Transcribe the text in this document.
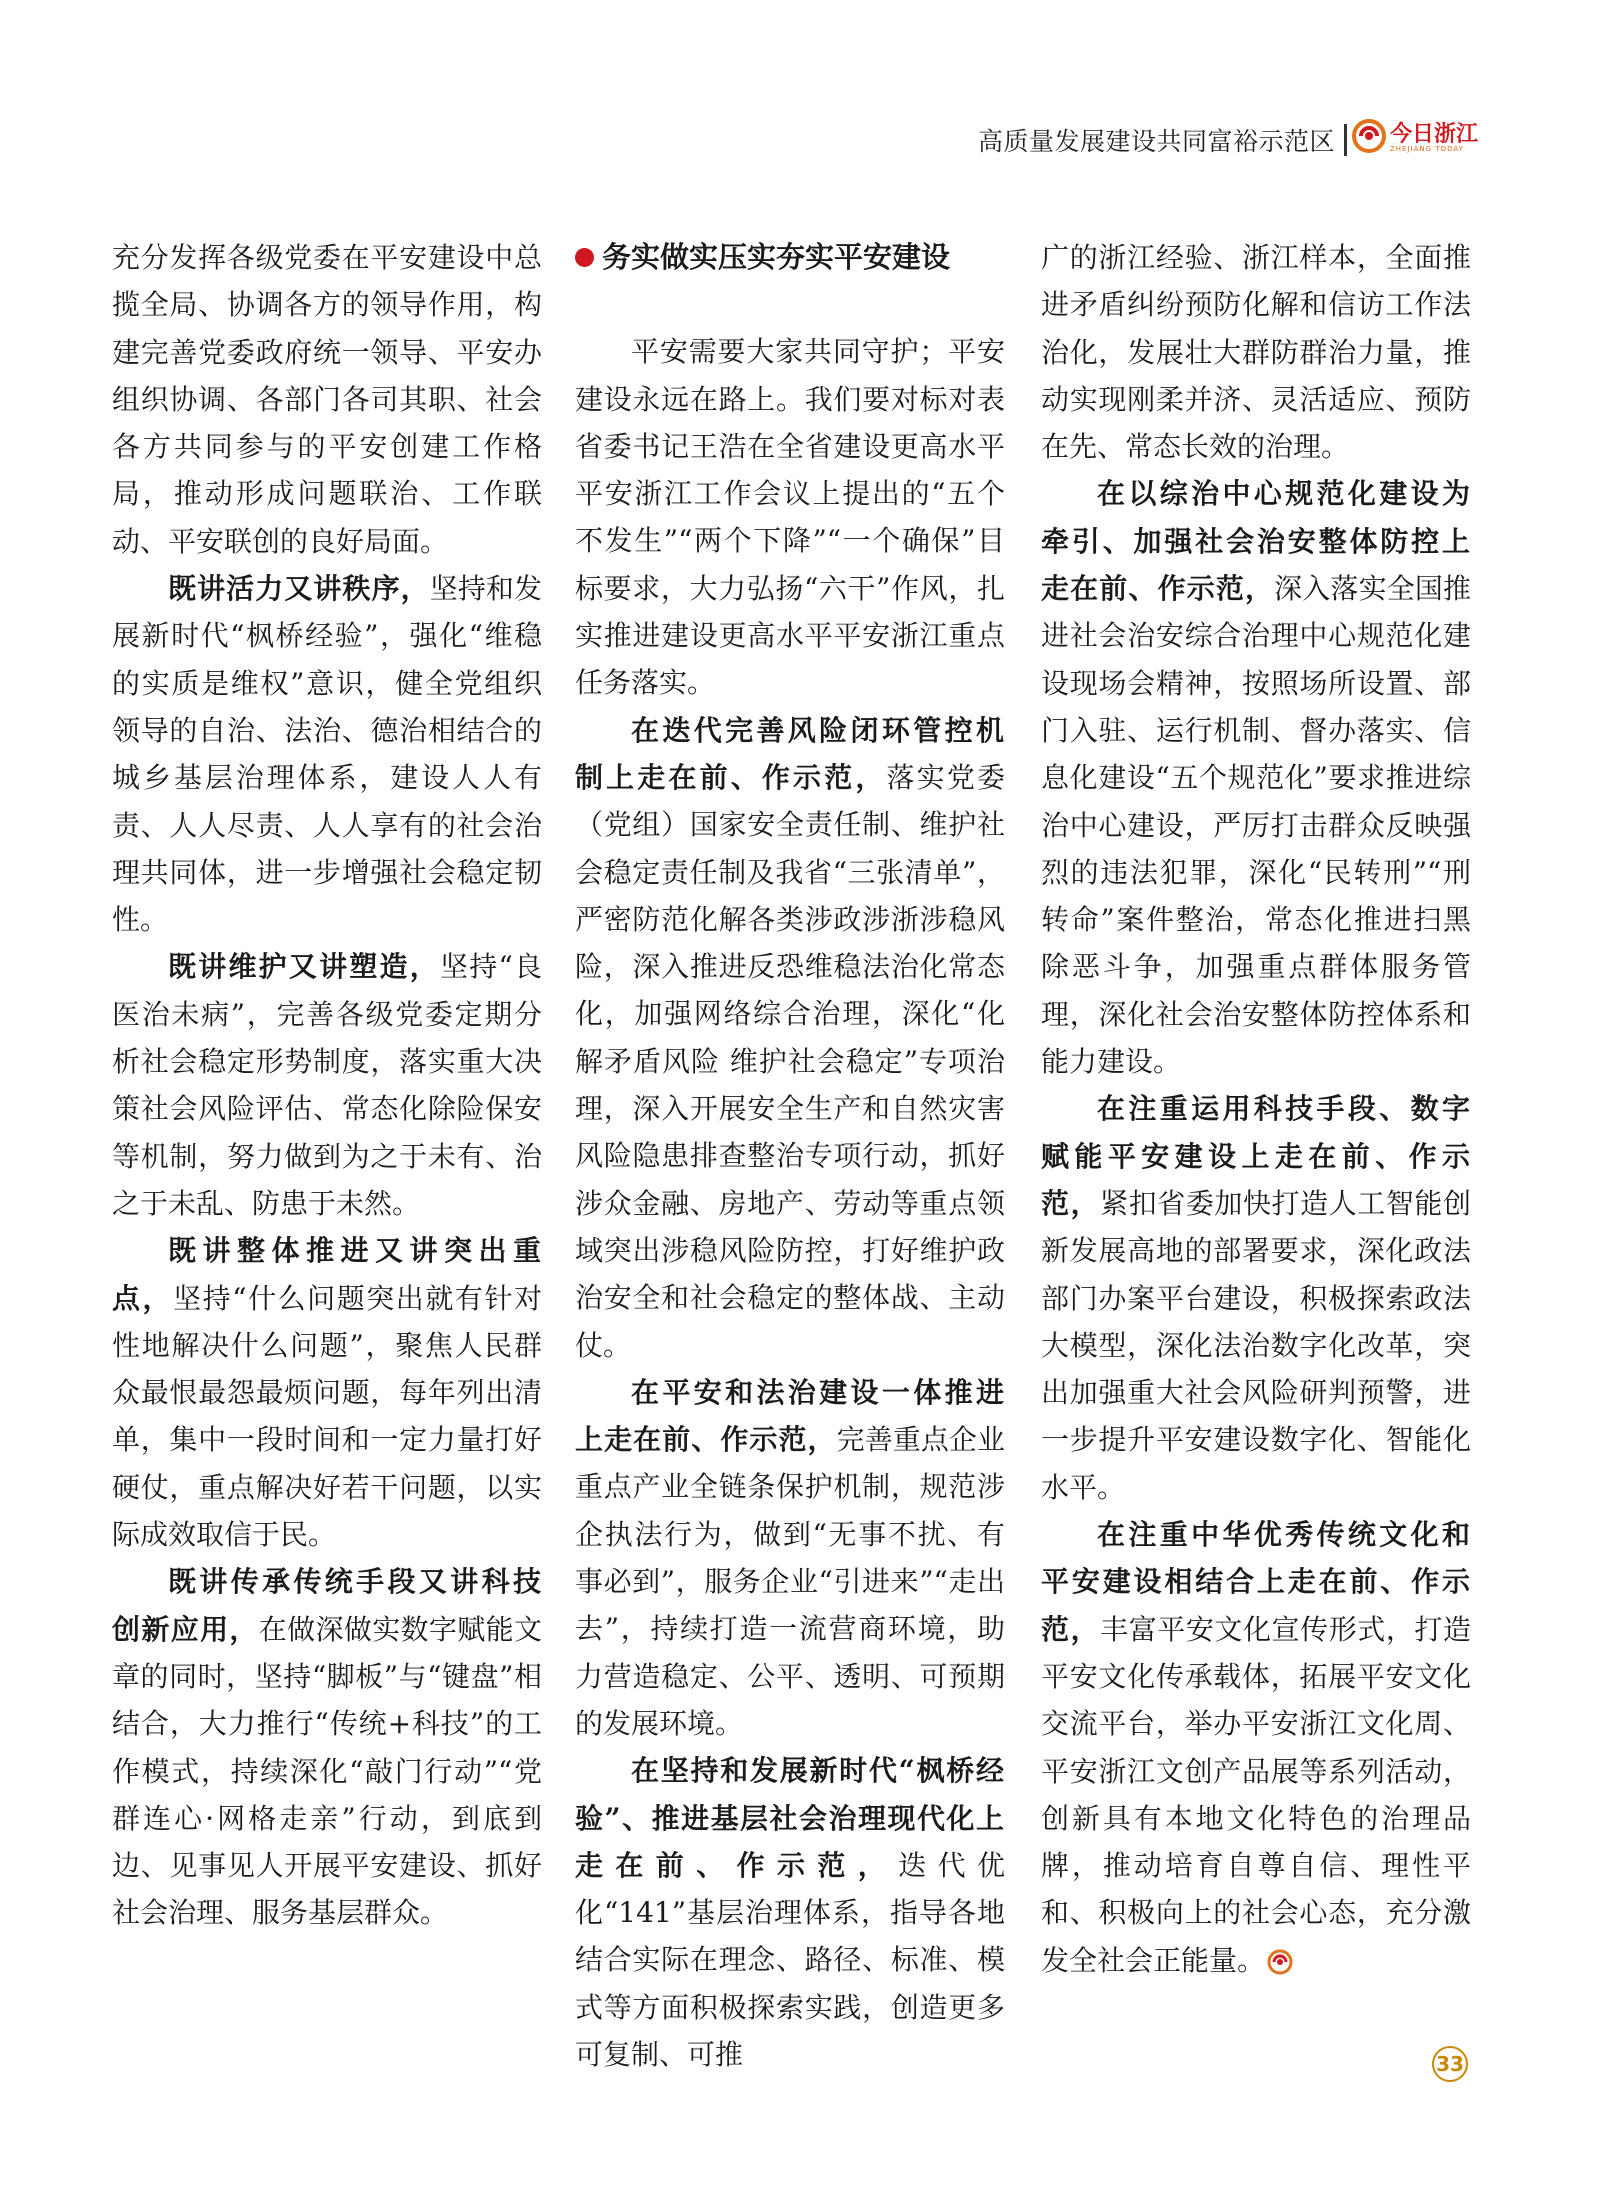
高质量发展建设共同富裕示范区	今日浙江
ZHEJIANG TODAY

充分发挥各级党委在平安建设中总揽全局、协调各方的领导作用，构建完善党委政府统一领导、平安办组织协调、各部门各司其职、社会各方共同参与的平安创建工作格局，推动形成问题联治、工作联动、平安联创的良好局面。

既讲活力又讲秩序，坚持和发展新时代“枫桥经验”，强化“维稳的实质是维权”意识，健全党组织领导的自治、法治、德治相结合的城乡基层治理体系，建设人人有责、人人尽责、人人享有的社会治理共同体，进一步增强社会稳定韧性。

既讲维护又讲塑造，坚持“良医治未病”，完善各级党委定期分析社会稳定形势制度，落实重大决策社会风险评估、常态化除险保安等机制，努力做到为之于未有、治之于未乱、防患于未然。

既讲整体推进又讲突出重点，坚持“什么问题突出就有针对性地解决什么问题”，聚焦人民群众最恨最怨最烦问题，每年列出清单，集中一段时间和一定力量打好硬仗，重点解决好若干问题，以实际成效取信于民。

既讲传承传统手段又讲科技创新应用，在做深做实数字赋能文章的同时，坚持“脚板”与“键盘”相结合，大力推行“传统+科技”的工作模式，持续深化“敲门行动”“党群连心·网格走亲”行动，到底到边、见事见人开展平安建设、抓好社会治理、服务基层群众。

务实做实压实夯实平安建设

平安需要大家共同守护；平安建设永远在路上。我们要对标对表省委书记王浩在全省建设更高水平平安浙江工作会议上提出的“五个不发生”“两个下降”“一个确保”目标要求，大力弘扬“六干”作风，扎实推进建设更高水平平安浙江重点任务落实。

在迭代完善风险闭环管控机制上走在前、作示范，落实党委（党组）国家安全责任制、维护社会稳定责任制及我省“三张清单”，严密防范化解各类涉政涉浙涉稳风险，深入推进反恐维稳法治化常态化，加强网络综合治理，深化“化解矛盾风险 维护社会稳定”专项治理，深入开展安全生产和自然灾害风险隐患排查整治专项行动，抓好涉众金融、房地产、劳动等重点领域突出涉稳风险防控，打好维护政治安全和社会稳定的整体战、主动仗。

在平安和法治建设一体推进上走在前、作示范，完善重点企业重点产业全链条保护机制，规范涉企执法行为，做到“无事不扰、有事必到”，服务企业“引进来”“走出去”，持续打造一流营商环境，助力营造稳定、公平、透明、可预期的发展环境。

在坚持和发展新时代“枫桥经验”、推进基层社会治理现代化上走在前、作示范，迭代优化“141”基层治理体系，指导各地结合实际在理念、路径、标准、模式等方面积极探索实践，创造更多可复制、可推

广的浙江经验、浙江样本，全面推进矛盾纠纷预防化解和信访工作法治化，发展壮大群防群治力量，推动实现刚柔并济、灵活适应、预防在先、常态长效的治理。

在以综治中心规范化建设为牵引、加强社会治安整体防控上走在前、作示范，深入落实全国推进社会治安综合治理中心规范化建设现场会精神，按照场所设置、部门入驻、运行机制、督办落实、信息化建设“五个规范化”要求推进综治中心建设，严厉打击群众反映强烈的违法犯罪，深化“民转刑”“刑转命”案件整治，常态化推进扫黑除恶斗争，加强重点群体服务管理，深化社会治安整体防控体系和能力建设。

在注重运用科技手段、数字赋能平安建设上走在前、作示范，紧扣省委加快打造人工智能创新发展高地的部署要求，深化政法部门办案平台建设，积极探索政法大模型，深化法治数字化改革，突出加强重大社会风险研判预警，进一步提升平安建设数字化、智能化水平。

在注重中华优秀传统文化和平安建设相结合上走在前、作示范，丰富平安文化宣传形式，打造平安文化传承载体，拓展平安文化交流平台，举办平安浙江文化周、平安浙江文创产品展等系列活动，创新具有本地文化特色的治理品牌，推动培育自尊自信、理性平和、积极向上的社会心态，充分激发全社会正能量。

33
